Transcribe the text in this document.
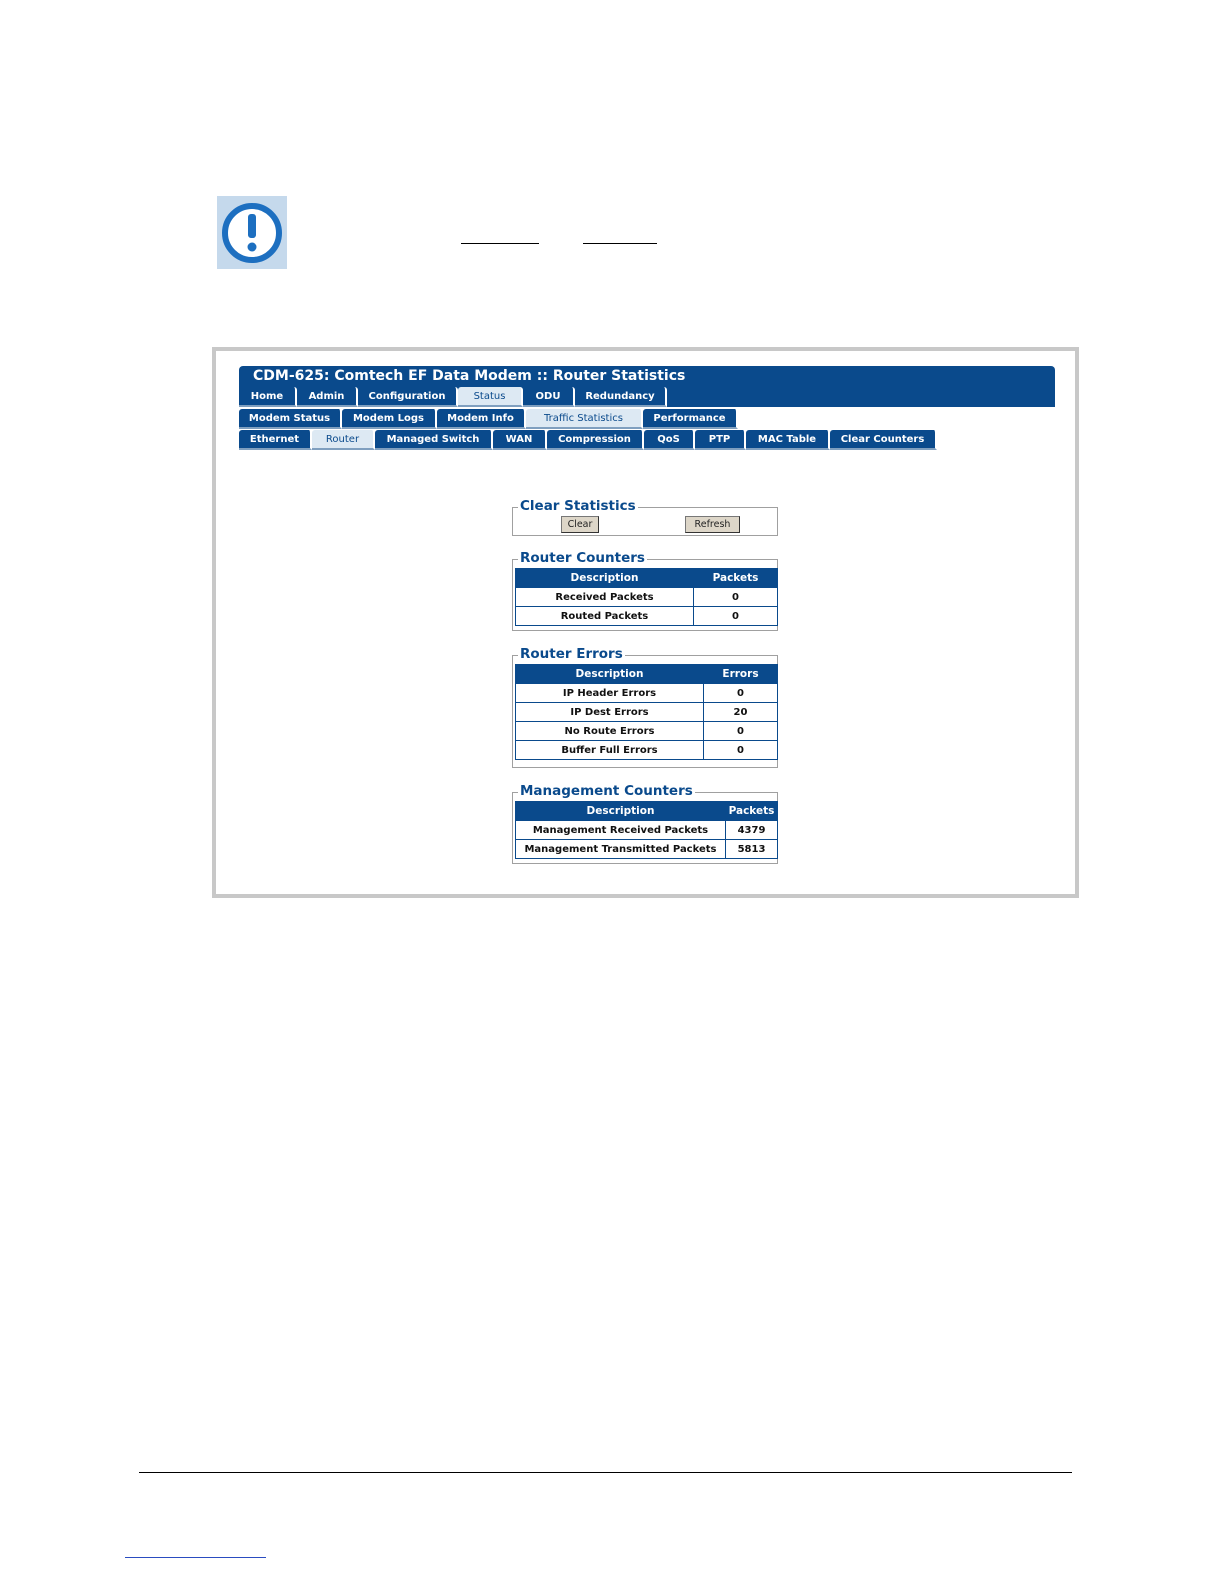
CDM-625: Comtech EF Data Modem :: Router Statistics
Home	Admin	Configuration	Status	ODU	Redundancy
Modem Status	Modem Logs	Modem Info	Traffic Statistics	Performance
Ethernet	Router	Managed Switch	WAN	Compression	QoS	PTP	MAC Table	Clear Counters
Clear Statistics
Clear	Refresh
Router Counters
Description	Packets
Received Packets	0
Routed Packets	0
Router Errors
Description	Errors
IP Header Errors	0
IP Dest Errors	20
No Route Errors	0
Buffer Full Errors	0
Management Counters
Description	Packets
Management Received Packets	4379
Management Transmitted Packets	5813
